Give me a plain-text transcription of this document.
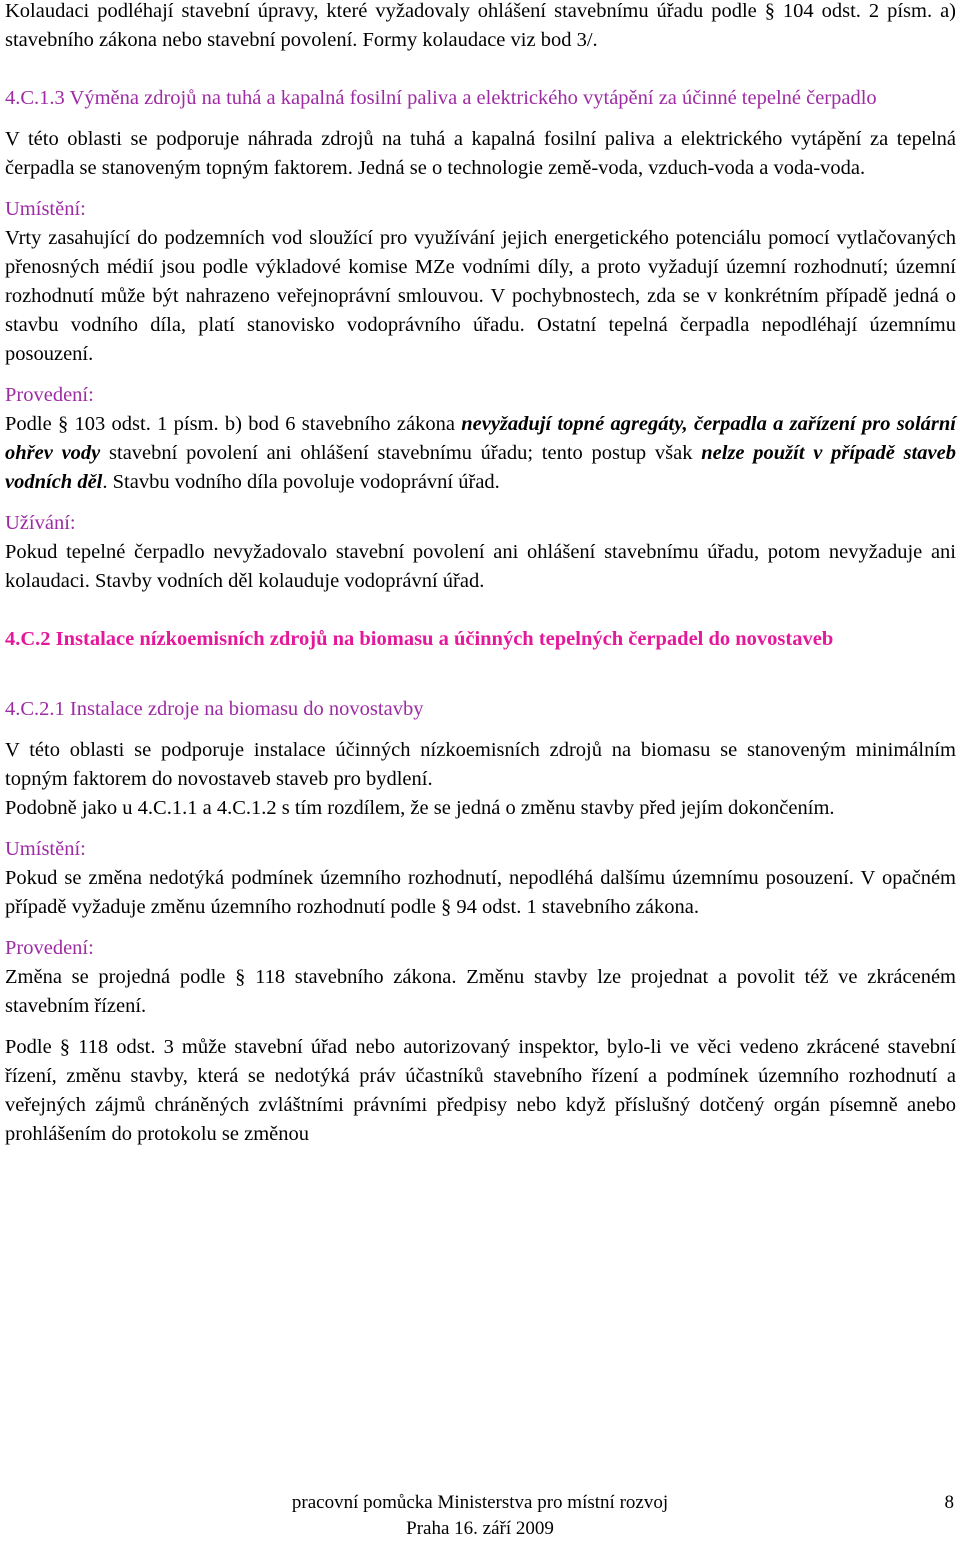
Kolaudaci podléhají stavební úpravy, které vyžadovaly ohlášení stavebnímu úřadu podle § 104 odst. 2 písm. a) stavebního zákona nebo stavební povolení. Formy kolaudace viz bod 3/.

4.C.1.3 Výměna zdrojů na tuhá a kapalná fosilní paliva a elektrického vytápění za účinné tepelné čerpadlo

V této oblasti se podporuje náhrada zdrojů na tuhá a kapalná fosilní paliva a elektrického vytápění za tepelná čerpadla se stanoveným topným faktorem. Jedná se o technologie země-voda, vzduch-voda a voda-voda.

Umístění:

Vrty zasahující do podzemních vod sloužící pro využívání jejich energetického potenciálu pomocí vytlačovaných přenosných médií jsou podle výkladové komise MZe vodními díly, a proto vyžadují územní rozhodnutí; územní rozhodnutí může být nahrazeno veřejnoprávní smlouvou. V pochybnostech, zda se v konkrétním případě jedná o stavbu vodního díla, platí stanovisko vodoprávního úřadu. Ostatní tepelná čerpadla nepodléhají územnímu posouzení.

Provedení:

Podle § 103 odst. 1 písm. b) bod 6 stavebního zákona nevyžadují topné agregáty, čerpadla a zařízení pro solární ohřev vody stavební povolení ani ohlášení stavebnímu úřadu; tento postup však nelze použít v případě staveb vodních děl. Stavbu vodního díla povoluje vodoprávní úřad.

Užívání:

Pokud tepelné čerpadlo nevyžadovalo stavební povolení ani ohlášení stavebnímu úřadu, potom nevyžaduje ani kolaudaci. Stavby vodních děl kolauduje vodoprávní úřad.

4.C.2 Instalace nízkoemisních zdrojů na biomasu a účinných tepelných čerpadel do novostaveb

4.C.2.1 Instalace zdroje na biomasu do novostavby

V této oblasti se podporuje instalace účinných nízkoemisních zdrojů na biomasu se stanoveným minimálním topným faktorem do novostaveb staveb pro bydlení.

Podobně jako u 4.C.1.1 a 4.C.1.2 s tím rozdílem, že se jedná o změnu stavby před jejím dokončením.

Umístění:

Pokud se změna nedotýká podmínek územního rozhodnutí, nepodléhá dalšímu územnímu posouzení. V opačném případě vyžaduje změnu územního rozhodnutí podle § 94 odst. 1 stavebního zákona.

Provedení:

Změna se projedná podle § 118 stavebního zákona. Změnu stavby lze projednat a povolit též ve zkráceném stavebním řízení.

Podle § 118 odst. 3 může stavební úřad nebo autorizovaný inspektor, bylo-li ve věci vedeno zkrácené stavební řízení, změnu stavby, která se nedotýká práv účastníků stavebního řízení a podmínek územního rozhodnutí a veřejných zájmů chráněných zvláštními právními předpisy nebo když příslušný dotčený orgán písemně anebo prohlášením do protokolu se změnou

pracovní pomůcka Ministerstva pro místní rozvoj
Praha 16. září 2009
8
